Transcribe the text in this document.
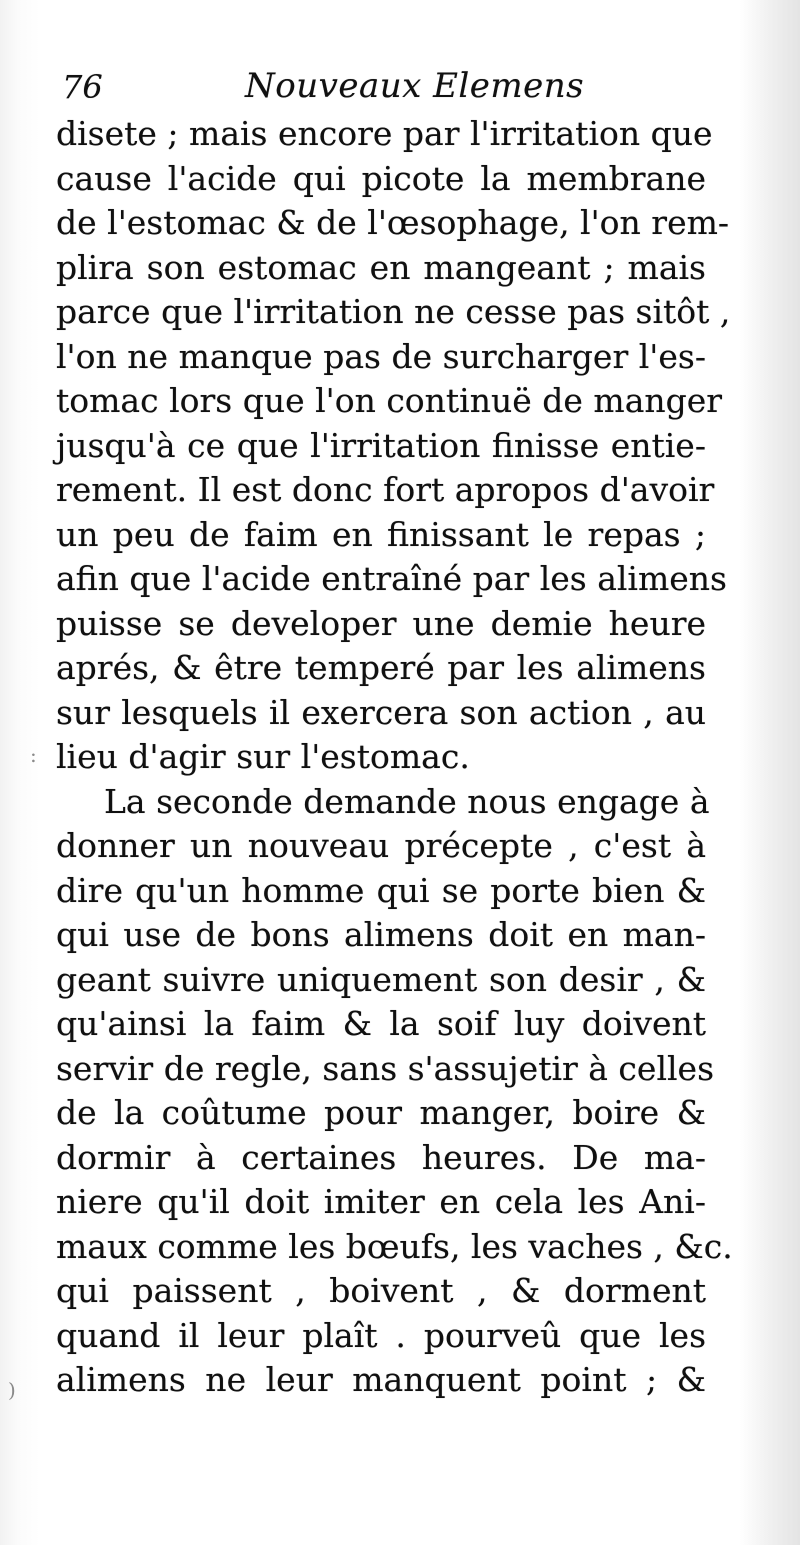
)
:
76	Nouveaux Elemens
disete ; mais encore par l'irritation que
cause l'acide qui picote la membrane
de l'estomac & de l'œsophage, l'on rem-
plira son estomac en mangeant ; mais
parce que l'irritation ne cesse pas sitôt ,
l'on ne manque pas de surcharger l'es-
tomac lors que l'on continuë de manger
jusqu'à ce que l'irritation finisse entie-
rement. Il est donc fort apropos d'avoir
un peu de faim en finissant le repas ;
afin que l'acide entraîné par les alimens
puisse se developer une demie heure
aprés, & être temperé par les alimens
sur lesquels il exercera son action , au
lieu d'agir sur l'estomac.
La seconde demande nous engage à
donner un nouveau précepte , c'est à
dire qu'un homme qui se porte bien &
qui use de bons alimens doit en man-
geant suivre uniquement son desir , &
qu'ainsi la faim & la soif luy doivent
servir de regle, sans s'assujetir à celles
de la coûtume pour manger, boire &
dormir à certaines heures. De ma-
niere qu'il doit imiter en cela les Ani-
maux comme les bœufs, les vaches , &c.
qui paissent , boivent , & dorment
quand il leur plaît . pourveû que les
alimens ne leur manquent point ; &
